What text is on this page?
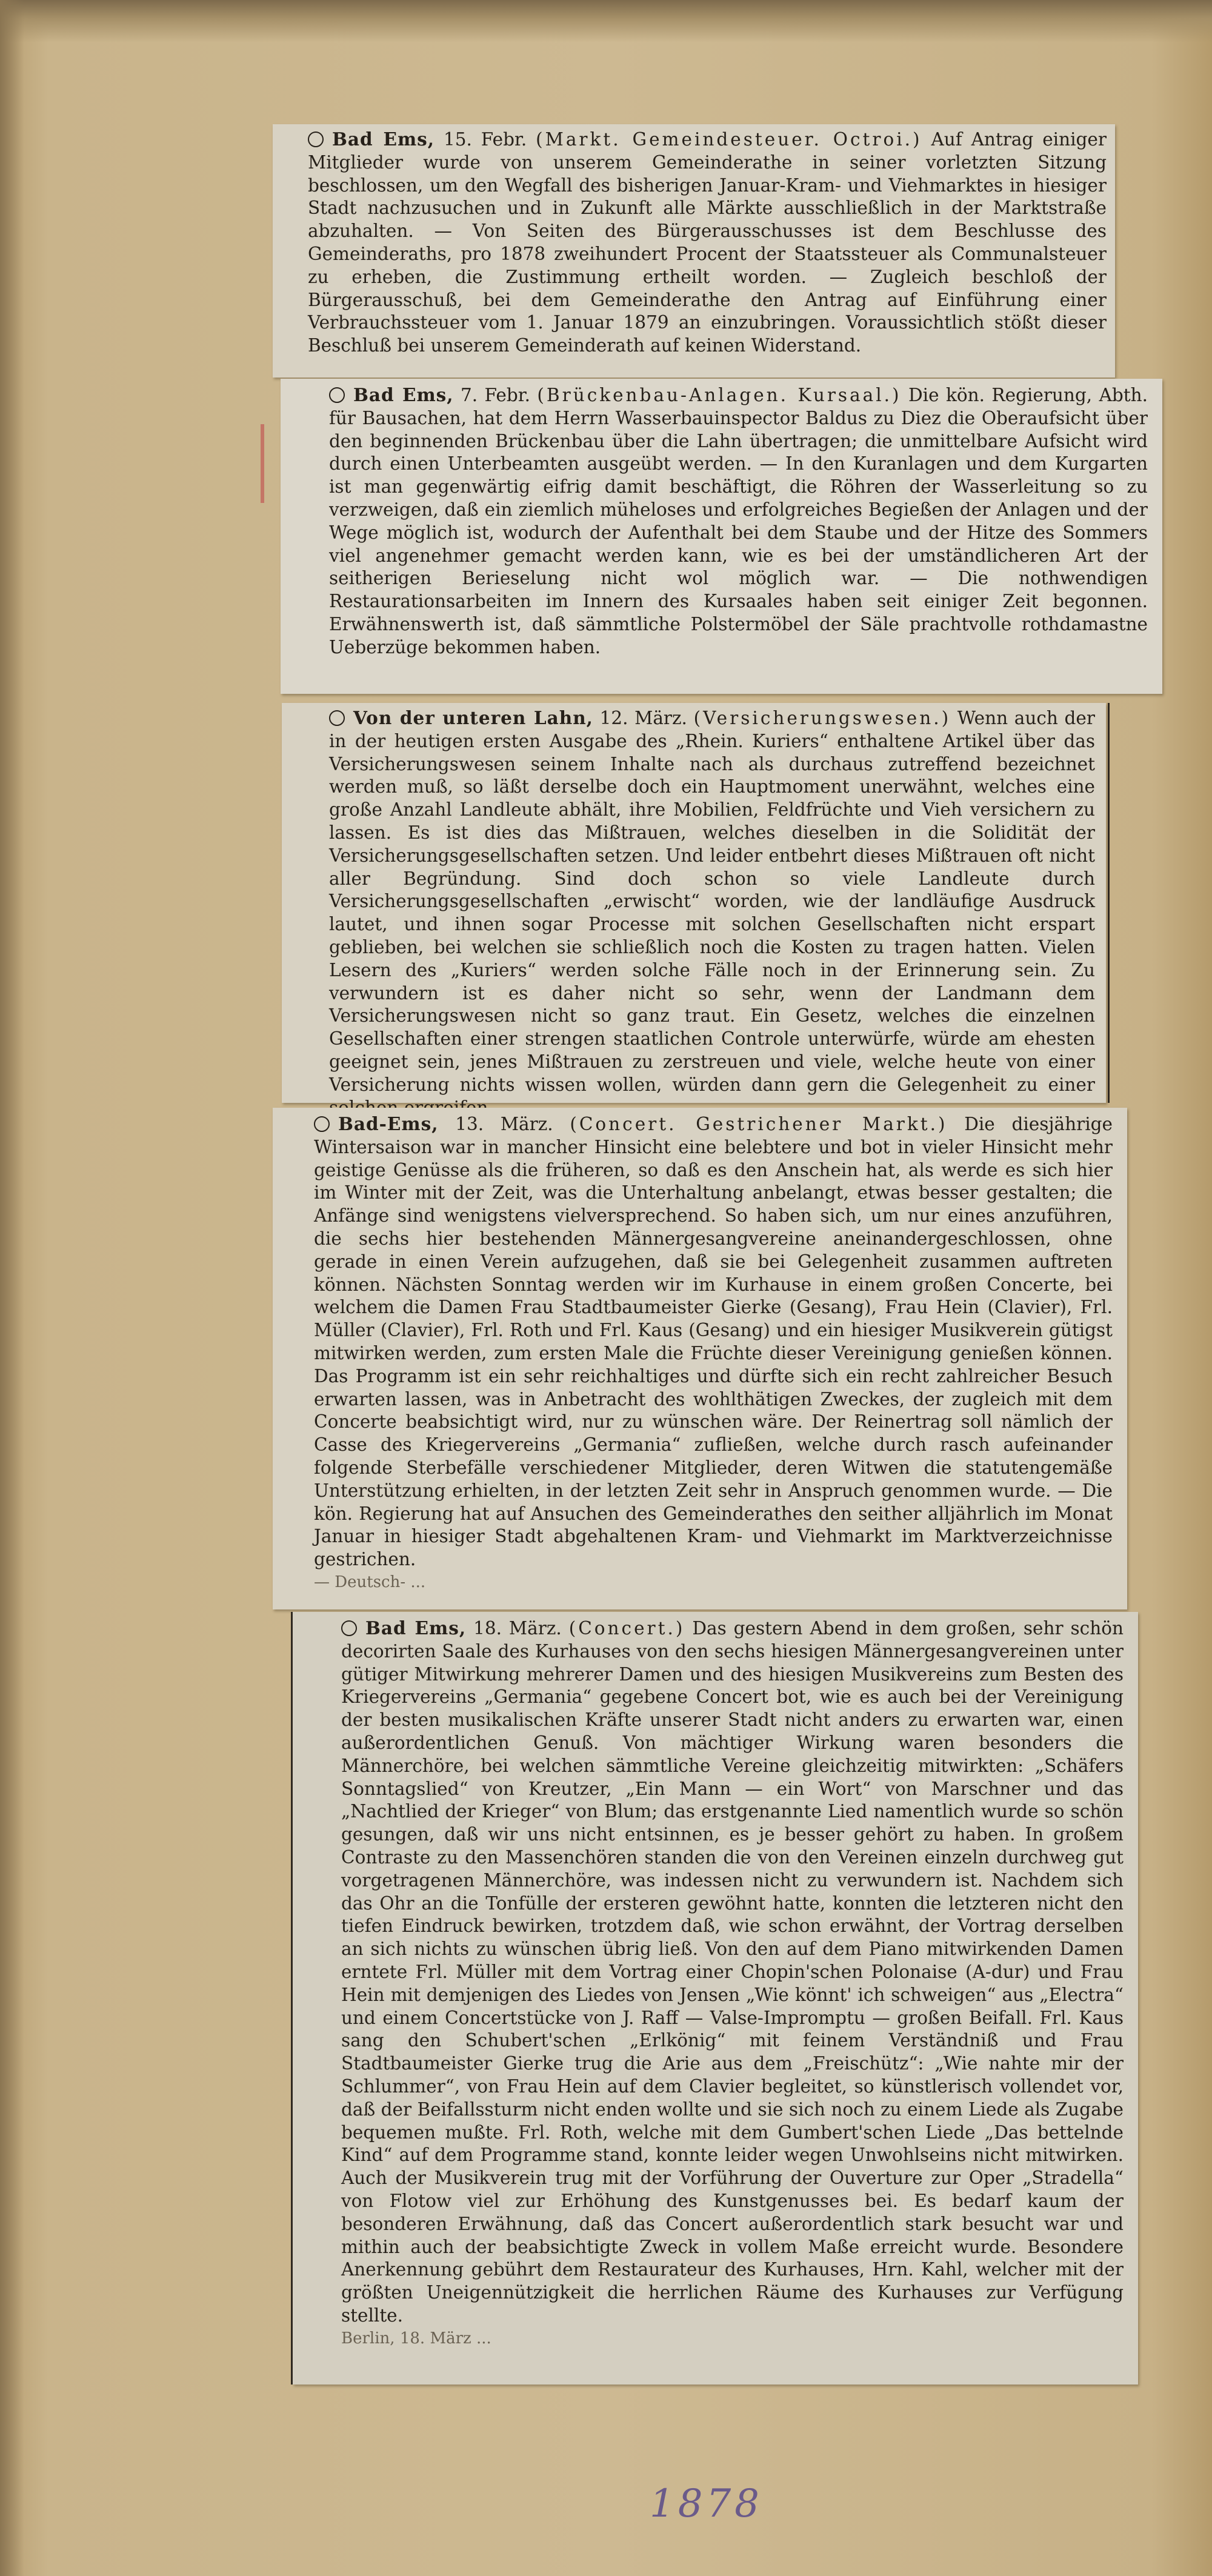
Bad Ems, 15. Febr. (Markt. Gemeindesteuer. Octroi.) Auf Antrag einiger Mitglieder wurde von unserem Gemeinderathe in seiner vorletzten Sitzung beschlossen, um den Wegfall des bisherigen Januar-Kram- und Viehmarktes in hiesiger Stadt nachzusuchen und in Zukunft alle Märkte ausschließlich in der Marktstraße abzuhalten. — Von Seiten des Bürgerausschusses ist dem Beschlusse des Gemeinderaths, pro 1878 zweihundert Procent der Staatssteuer als Communalsteuer zu erheben, die Zustimmung ertheilt worden. — Zugleich beschloß der Bürgerausschuß, bei dem Gemeinderathe den Antrag auf Einführung einer Verbrauchssteuer vom 1. Januar 1879 an einzubringen. Voraussichtlich stößt dieser Beschluß bei unserem Gemeinderath auf keinen Widerstand.

Bad Ems, 7. Febr. (Brückenbau-Anlagen. Kursaal.) Die kön. Regierung, Abth. für Bausachen, hat dem Herrn Wasserbauinspector Baldus zu Diez die Oberaufsicht über den beginnenden Brückenbau über die Lahn übertragen; die unmittelbare Aufsicht wird durch einen Unterbeamten ausgeübt werden. — In den Kuranlagen und dem Kurgarten ist man gegenwärtig eifrig damit beschäftigt, die Röhren der Wasserleitung so zu verzweigen, daß ein ziemlich müheloses und erfolgreiches Begießen der Anlagen und der Wege möglich ist, wodurch der Aufenthalt bei dem Staube und der Hitze des Sommers viel angenehmer gemacht werden kann, wie es bei der umständlicheren Art der seitherigen Berieselung nicht wol möglich war. — Die nothwendigen Restaurationsarbeiten im Innern des Kursaales haben seit einiger Zeit begonnen. Erwähnenswerth ist, daß sämmtliche Polstermöbel der Säle prachtvolle rothdamastne Ueberzüge bekommen haben.

Von der unteren Lahn, 12. März. (Versicherungswesen.) Wenn auch der in der heutigen ersten Ausgabe des „Rhein. Kuriers“ enthaltene Artikel über das Versicherungswesen seinem Inhalte nach als durchaus zutreffend bezeichnet werden muß, so läßt derselbe doch ein Hauptmoment unerwähnt, welches eine große Anzahl Landleute abhält, ihre Mobilien, Feldfrüchte und Vieh versichern zu lassen. Es ist dies das Mißtrauen, welches dieselben in die Solidität der Versicherungsgesellschaften setzen. Und leider entbehrt dieses Mißtrauen oft nicht aller Begründung. Sind doch schon so viele Landleute durch Versicherungsgesellschaften „erwischt“ worden, wie der landläufige Ausdruck lautet, und ihnen sogar Processe mit solchen Gesellschaften nicht erspart geblieben, bei welchen sie schließlich noch die Kosten zu tragen hatten. Vielen Lesern des „Kuriers“ werden solche Fälle noch in der Erinnerung sein. Zu verwundern ist es daher nicht so sehr, wenn der Landmann dem Versicherungswesen nicht so ganz traut. Ein Gesetz, welches die einzelnen Gesellschaften einer strengen staatlichen Controle unterwürfe, würde am ehesten geeignet sein, jenes Mißtrauen zu zerstreuen und viele, welche heute von einer Versicherung nichts wissen wollen, würden dann gern die Gelegenheit zu einer

Bad-Ems, 13. März. (Concert. Gestrichener Markt.) Die diesjährige Wintersaison war in mancher Hinsicht eine belebtere und bot in vieler Hinsicht mehr geistige Genüsse als die früheren, so daß es den Anschein hat, als werde es sich hier im Winter mit der Zeit, was die Unterhaltung anbelangt, etwas besser gestalten; die Anfänge sind wenigstens vielversprechend. So haben sich, um nur eines anzuführen, die sechs hier bestehenden Männergesangvereine aneinandergeschlossen, ohne gerade in einen Verein aufzugehen, daß sie bei Gelegenheit zusammen auftreten können. Nächsten Sonntag werden wir im Kurhause in einem großen Concerte, bei welchem die Damen Frau Stadtbaumeister Gierke (Gesang), Frau Hein (Clavier), Frl. Müller (Clavier), Frl. Roth und Frl. Kaus (Gesang) und ein hiesiger Musikverein gütigst mitwirken werden, zum ersten Male die Früchte dieser Vereinigung genießen können. Das Programm ist ein sehr reichhaltiges und dürfte sich ein recht zahlreicher Besuch erwarten lassen, was in Anbetracht des wohlthätigen Zweckes, der zugleich mit dem Concerte beabsichtigt wird, nur zu wünschen wäre. Der Reinertrag soll nämlich der Casse des Kriegervereins „Germania“ zufließen, welche durch rasch aufeinander folgende Sterbefälle verschiedener Mitglieder, deren Witwen die statutengemäße Unterstützung erhielten, in der letzten Zeit sehr in Anspruch genommen wurde. — Die kön. Regierung hat auf Ansuchen des Gemeinderathes den seither alljährlich im Monat Januar in hiesiger Stadt abgehaltenen Kram- und Viehmarkt im Marktverzeichnisse gestrichen.

— Deutsch- ...

Bad Ems, 18. März. (Concert.) Das gestern Abend in dem großen, sehr schön decorirten Saale des Kurhauses von den sechs hiesigen Männergesangvereinen unter gütiger Mitwirkung mehrerer Damen und des hiesigen Musikvereins zum Besten des Kriegervereins „Germania“ gegebene Concert bot, wie es auch bei der Vereinigung der besten musikalischen Kräfte unserer Stadt nicht anders zu erwarten war, einen außerordentlichen Genuß. Von mächtiger Wirkung waren besonders die Männerchöre, bei welchen sämmtliche Vereine gleichzeitig mitwirkten: „Schäfers Sonntagslied“ von Kreutzer, „Ein Mann — ein Wort“ von Marschner und das „Nachtlied der Krieger“ von Blum; das erstgenannte Lied namentlich wurde so schön gesungen, daß wir uns nicht entsinnen, es je besser gehört zu haben. In großem Contraste zu den Massenchören standen die von den Vereinen einzeln durchweg gut vorgetragenen Männerchöre, was indessen nicht zu verwundern ist. Nachdem sich das Ohr an die Tonfülle der ersteren gewöhnt hatte, konnten die letzteren nicht den tiefen Eindruck bewirken, trotzdem daß, wie schon erwähnt, der Vortrag derselben an sich nichts zu wünschen übrig ließ. Von den auf dem Piano mitwirkenden Damen erntete Frl. Müller mit dem Vortrag einer Chopin'schen Polonaise (A-dur) und Frau Hein mit demjenigen des Liedes von Jensen „Wie könnt' ich schweigen“ aus „Electra“ und einem Concertstücke von J. Raff — Valse-Impromptu — großen Beifall. Frl. Kaus sang den Schubert'schen „Erlkönig“ mit feinem Verständniß und Frau Stadtbaumeister Gierke trug die Arie aus dem „Freischütz“: „Wie nahte mir der Schlummer“, von Frau Hein auf dem Clavier begleitet, so künstlerisch vollendet vor, daß der Beifallssturm nicht enden wollte und sie sich noch zu einem Liede als Zugabe bequemen mußte. Frl. Roth, welche mit dem Gumbert'schen Liede „Das bettelnde Kind“ auf dem Programme stand, konnte leider wegen Unwohlseins nicht mitwirken. Auch der Musikverein trug mit der Vorführung der Ouverture zur Oper „Stradella“ von Flotow viel zur Erhöhung des Kunstgenusses bei. Es bedarf kaum der besonderen Erwähnung, daß das Concert außerordentlich stark besucht war und mithin auch der beabsichtigte Zweck in vollem Maße erreicht wurde. Besondere Anerkennung gebührt dem Restaurateur des Kurhauses, Hrn. Kahl, welcher mit der größten Uneigennützigkeit die herrlichen Räume des Kurhauses zur Verfügung stellte.

Berlin, 18. März ...

1878
